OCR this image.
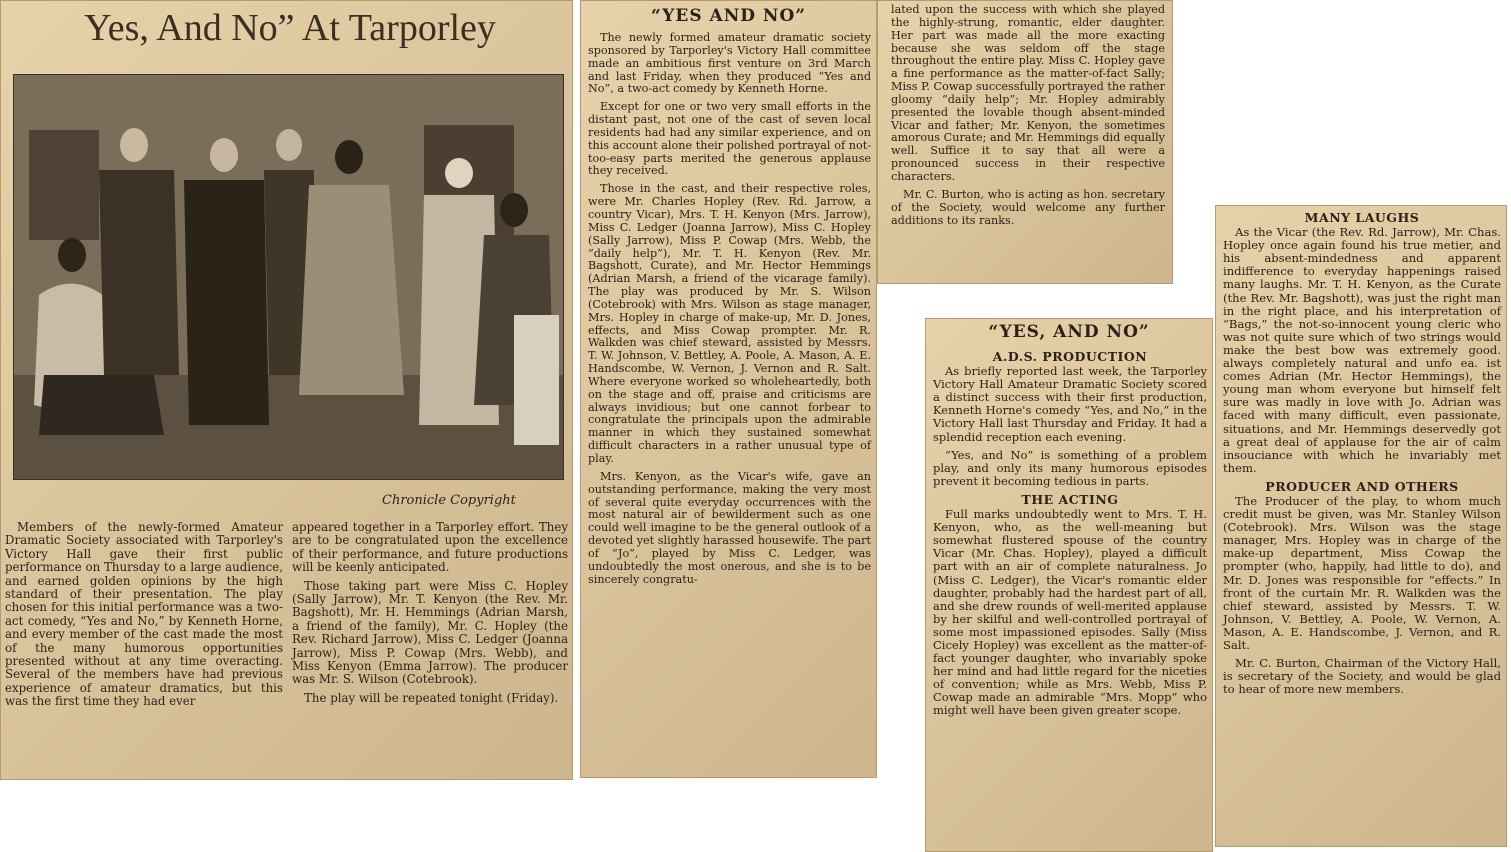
Yes, And No” At Tarporley
Chronicle Copyright

Members of the newly-formed Amateur Dramatic Society associated with Tarporley's Victory Hall gave their first public performance on Thursday to a large audience, and earned golden opinions by the high standard of their presentation. The play chosen for this initial performance was a two-act comedy, “Yes and No,” by Kenneth Horne, and every member of the cast made the most of the many humorous opportunities presented without at any time overacting. Several of the members have had previous experience of amateur dramatics, but this was the first time they had ever

appeared together in a Tarporley effort. They are to be congratulated upon the excellence of their performance, and future productions will be keenly anticipated.

Those taking part were Miss C. Hopley (Sally Jarrow), Mr. T. Kenyon (the Rev. Mr. Bagshott), Mr. H. Hemmings (Adrian Marsh, a friend of the family), Mr. C. Hopley (the Rev. Richard Jarrow), Miss C. Ledger (Joanna Jarrow), Miss P. Cowap (Mrs. Webb), and Miss Kenyon (Emma Jarrow). The producer was Mr. S. Wilson (Cotebrook).

The play will be repeated tonight (Friday).

“YES AND NO”

The newly formed amateur dramatic society sponsored by Tarporley's Victory Hall committee made an ambitious first venture on 3rd March and last Friday, when they produced “Yes and No”, a two-act comedy by Kenneth Horne.

Except for one or two very small efforts in the distant past, not one of the cast of seven local residents had had any similar experience, and on this account alone their polished portrayal of not-too-easy parts merited the generous applause they received.

Those in the cast, and their respective roles, were Mr. Charles Hopley (Rev. Rd. Jarrow, a country Vicar), Mrs. T. H. Kenyon (Mrs. Jarrow), Miss C. Ledger (Joanna Jarrow), Miss C. Hopley (Sally Jarrow), Miss P. Cowap (Mrs. Webb, the “daily help”), Mr. T. H. Kenyon (Rev. Mr. Bagshott, Curate), and Mr. Hector Hemmings (Adrian Marsh, a friend of the vicarage family). The play was produced by Mr. S. Wilson (Cotebrook) with Mrs. Wilson as stage manager, Mrs. Hopley in charge of make-up, Mr. D. Jones, effects, and Miss Cowap prompter. Mr. R. Walkden was chief steward, assisted by Messrs. T. W. Johnson, V. Bettley, A. Poole, A. Mason, A. E. Handscombe, W. Vernon, J. Vernon and R. Salt. Where everyone worked so wholeheartedly, both on the stage and off, praise and criticisms are always invidious; but one cannot forbear to congratulate the principals upon the admirable manner in which they sustained somewhat difficult characters in a rather unusual type of play.

Mrs. Kenyon, as the Vicar's wife, gave an outstanding performance, making the very most of several quite everyday occurrences with the most natural air of bewilderment such as one could well imagine to be the general outlook of a devoted yet slightly harassed housewife. The part of “Jo”, played by Miss C. Ledger, was undoubtedly the most onerous, and she is to be sincerely congratu-

lated upon the success with which she played the highly-strung, romantic, elder daughter. Her part was made all the more exacting because she was seldom off the stage throughout the entire play. Miss C. Hopley gave a fine performance as the matter-of-fact Sally; Miss P. Cowap successfully portrayed the rather gloomy “daily help”; Mr. Hopley admirably presented the lovable though absent-minded Vicar and father; Mr. Kenyon, the sometimes amorous Curate; and Mr. Hemmings did equally well. Suffice it to say that all were a pronounced success in their respective characters.

Mr. C. Burton, who is acting as hon. secretary of the Society, would welcome any further additions to its ranks.

“YES, AND NO”
A.D.S. PRODUCTION

As briefly reported last week, the Tarporley Victory Hall Amateur Dramatic Society scored a distinct success with their first production, Kenneth Horne's comedy “Yes, and No,” in the Victory Hall last Thursday and Friday. It had a splendid reception each evening.

“Yes, and No” is something of a problem play, and only its many humorous episodes prevent it becoming tedious in parts.

THE ACTING

Full marks undoubtedly went to Mrs. T. H. Kenyon, who, as the well-meaning but somewhat flustered spouse of the country Vicar (Mr. Chas. Hopley), played a difficult part with an air of complete naturalness. Jo (Miss C. Ledger), the Vicar's romantic elder daughter, probably had the hardest part of all, and she drew rounds of well-merited applause by her skilful and well-controlled portrayal of some most impassioned episodes. Sally (Miss Cicely Hopley) was excellent as the matter-of-fact younger daughter, who invariably spoke her mind and had little regard for the niceties of convention; while as Mrs. Webb, Miss P. Cowap made an admirable “Mrs. Mopp” who might well have been given greater scope.

MANY LAUGHS

As the Vicar (the Rev. Rd. Jarrow), Mr. Chas. Hopley once again found his true metier, and his absent-mindedness and apparent indifference to everyday happenings raised many laughs. Mr. T. H. Kenyon, as the Curate (the Rev. Mr. Bagshott), was just the right man in the right place, and his interpretation of “Bags,” the not-so-innocent young cleric who was not quite sure which of two strings would make the best bow was extremely good. always completely natural and unfo ea. ist comes Adrian (Mr. Hector Hemmings), the young man whom everyone but himself felt sure was madly in love with Jo. Adrian was faced with many difficult, even passionate, situations, and Mr. Hemmings deservedly got a great deal of applause for the air of calm insouciance with which he invariably met them.

PRODUCER AND OTHERS

The Producer of the play, to whom much credit must be given, was Mr. Stanley Wilson (Cotebrook). Mrs. Wilson was the stage manager, Mrs. Hopley was in charge of the make-up department, Miss Cowap the prompter (who, happily, had little to do), and Mr. D. Jones was responsible for “effects.” In front of the curtain Mr. R. Walkden was the chief steward, assisted by Messrs. T. W. Johnson, V. Bettley, A. Poole, W. Vernon, A. Mason, A. E. Handscombe, J. Vernon, and R. Salt.

Mr. C. Burton, Chairman of the Victory Hall, is secretary of the Society, and would be glad to hear of more new members.
